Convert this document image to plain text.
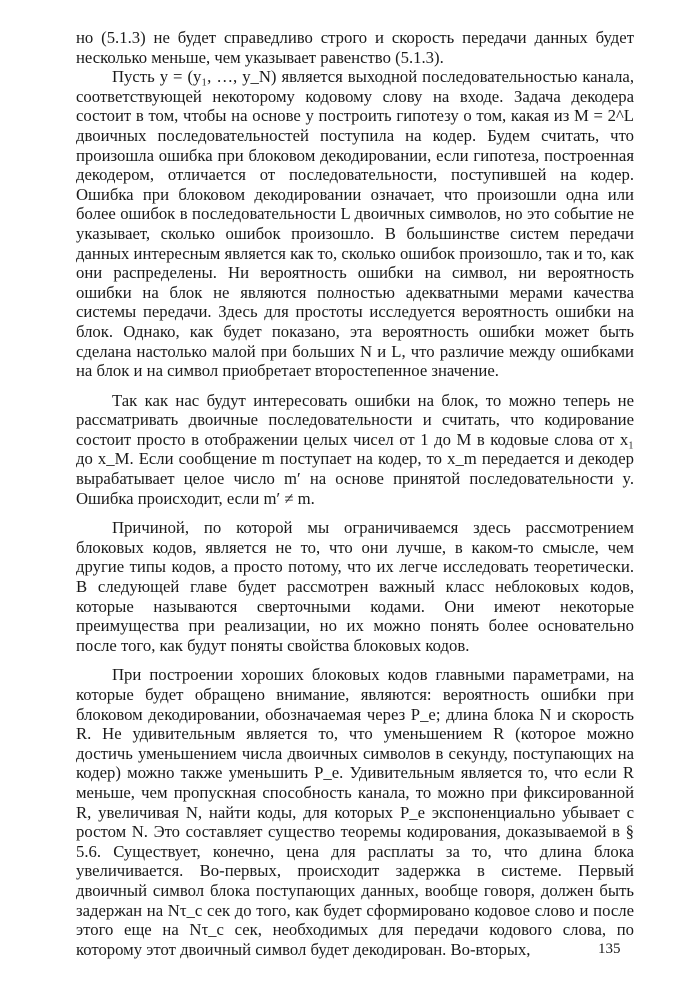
но (5.1.3) не будет справедливо строго и скорость передачи данных будет несколько меньше, чем указывает равенство (5.1.3).

Пусть y = (y₁, …, y_N) является выходной последовательностью канала, соответствующей некоторому кодовому слову на входе. Задача декодера состоит в том, чтобы на основе y построить гипотезу о том, какая из M = 2^L двоичных последовательностей поступила на кодер. Будем считать, что произошла ошибка при блоковом декодировании, если гипотеза, построенная декодером, отличается от последовательности, поступившей на кодер. Ошибка при блоковом декодировании означает, что произошли одна или более ошибок в последовательности L двоичных символов, но это событие не указывает, сколько ошибок произошло. В большинстве систем передачи данных интересным является как то, сколько ошибок произошло, так и то, как они распределены. Ни вероятность ошибки на символ, ни вероятность ошибки на блок не являются полностью адекватными мерами качества системы передачи. Здесь для простоты исследуется вероятность ошибки на блок. Однако, как будет показано, эта вероятность ошибки может быть сделана настолько малой при больших N и L, что различие между ошибками на блок и на символ приобретает второстепенное значение.

Так как нас будут интересовать ошибки на блок, то можно теперь не рассматривать двоичные последовательности и считать, что кодирование состоит просто в отображении целых чисел от 1 до M в кодовые слова от x₁ до x_M. Если сообщение m поступает на кодер, то x_m передается и декодер вырабатывает целое число m′ на основе принятой последовательности y. Ошибка происходит, если m′ ≠ m.

Причиной, по которой мы ограничиваемся здесь рассмотрением блоковых кодов, является не то, что они лучше, в каком-то смысле, чем другие типы кодов, а просто потому, что их легче исследовать теоретически. В следующей главе будет рассмотрен важный класс неблоковых кодов, которые называются сверточными кодами. Они имеют некоторые преимущества при реализации, но их можно понять более основательно после того, как будут поняты свойства блоковых кодов.

При построении хороших блоковых кодов главными параметрами, на которые будет обращено внимание, являются: вероятность ошибки при блоковом декодировании, обозначаемая через P_e; длина блока N и скорость R. Не удивительным является то, что уменьшением R (которое можно достичь уменьшением числа двоичных символов в секунду, поступающих на кодер) можно также уменьшить P_e. Удивительным является то, что если R меньше, чем пропускная способность канала, то можно при фиксированной R, увеличивая N, найти коды, для которых P_e экспоненциально убывает с ростом N. Это составляет существо теоремы кодирования, доказываемой в § 5.6. Существует, конечно, цена для расплаты за то, что длина блока увеличивается. Во-первых, происходит задержка в системе. Первый двоичный символ блока поступающих данных, вообще говоря, должен быть задержан на Nτ_c сек до того, как будет сформировано кодовое слово и после этого еще на Nτ_c сек, необходимых для передачи кодового слова, по которому этот двоичный символ будет декодирован. Во-вторых,	135
